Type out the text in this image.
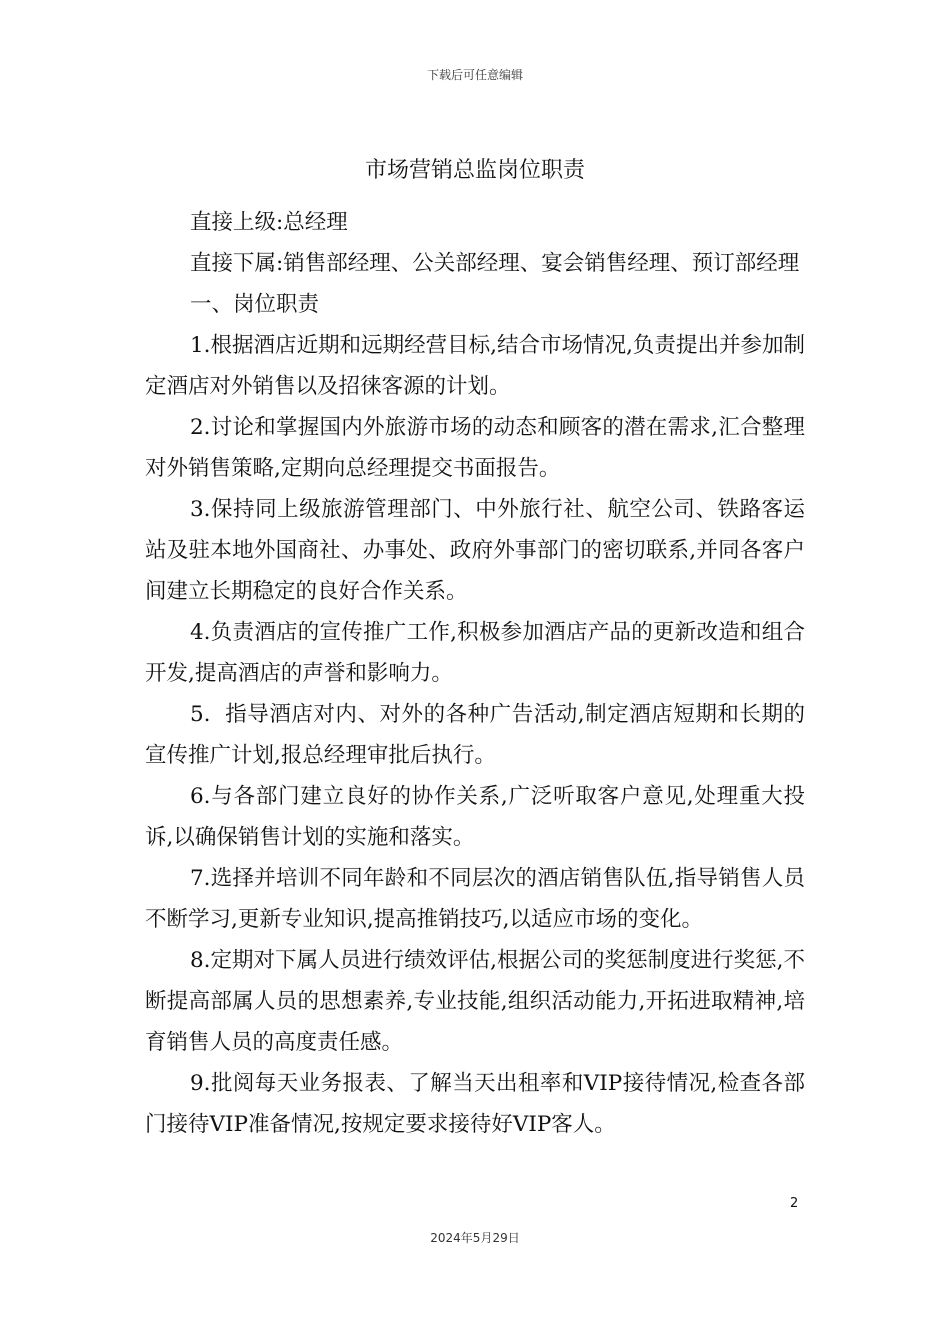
下载后可任意编辑
市场营销总监岗位职责

直接上级:总经理

直接下属:销售部经理、公关部经理、宴会销售经理、预订部经理

一、岗位职责

1.根据酒店近期和远期经营目标,结合市场情况,负责提出并参加制定酒店对外销售以及招徕客源的计划。

2.讨论和掌握国内外旅游市场的动态和顾客的潜在需求,汇合整理对外销售策略,定期向总经理提交书面报告。

3.保持同上级旅游管理部门、中外旅行社、航空公司、铁路客运站及驻本地外国商社、办事处、政府外事部门的密切联系,并同各客户间建立长期稳定的良好合作关系。

4.负责酒店的宣传推广工作,积极参加酒店产品的更新改造和组合开发,提高酒店的声誉和影响力。

5.  指导酒店对内、对外的各种广告活动,制定酒店短期和长期的宣传推广计划,报总经理审批后执行。

6.与各部门建立良好的协作关系,广泛听取客户意见,处理重大投诉,以确保销售计划的实施和落实。

7.选择并培训不同年龄和不同层次的酒店销售队伍,指导销售人员不断学习,更新专业知识,提高推销技巧,以适应市场的变化。

8.定期对下属人员进行绩效评估,根据公司的奖惩制度进行奖惩,不断提高部属人员的思想素养,专业技能,组织活动能力,开拓进取精神,培育销售人员的高度责任感。

9.批阅每天业务报表、了解当天出租率和VIP接待情况,检查各部门接待VIP准备情况,按规定要求接待好VIP客人。

2
2024年5月29日
